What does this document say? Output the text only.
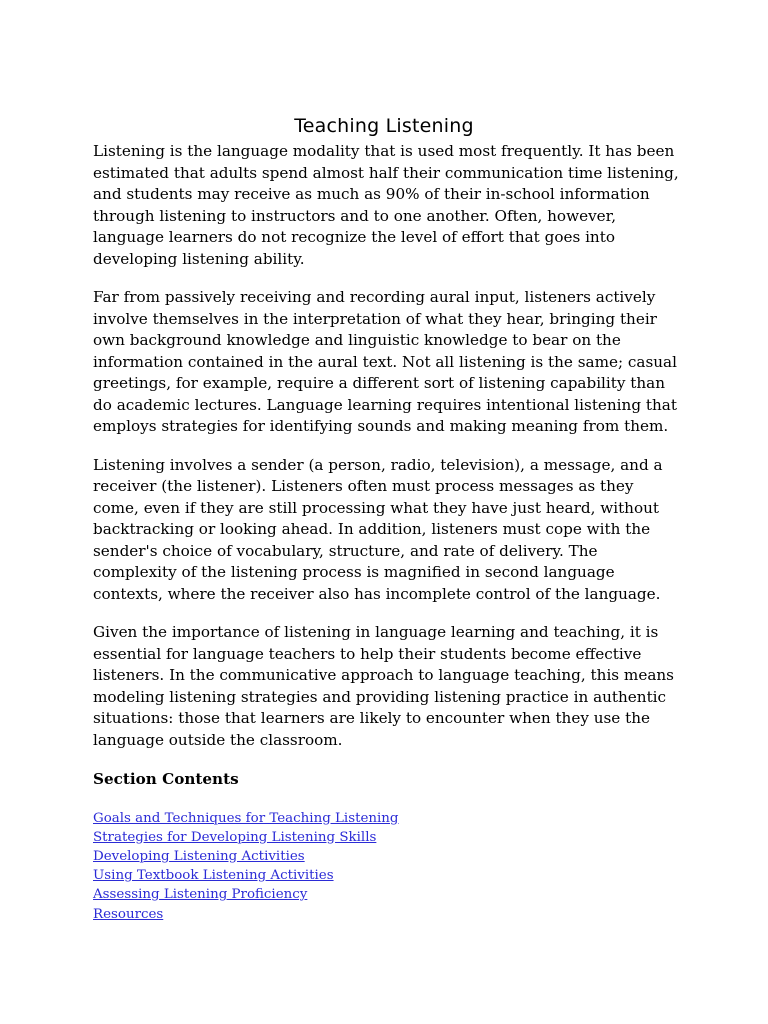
Teaching Listening

Listening is the language modality that is used most frequently. It has been estimated that adults spend almost half their communication time listening, and students may receive as much as 90% of their in-school information through listening to instructors and to one another. Often, however, language learners do not recognize the level of effort that goes into developing listening ability.

Far from passively receiving and recording aural input, listeners actively involve themselves in the interpretation of what they hear, bringing their own background knowledge and linguistic knowledge to bear on the information contained in the aural text. Not all listening is the same; casual greetings, for example, require a different sort of listening capability than do academic lectures. Language learning requires intentional listening that employs strategies for identifying sounds and making meaning from them.

Listening involves a sender (a person, radio, television), a message, and a receiver (the listener). Listeners often must process messages as they come, even if they are still processing what they have just heard, without backtracking or looking ahead. In addition, listeners must cope with the sender's choice of vocabulary, structure, and rate of delivery. The complexity of the listening process is magnified in second language contexts, where the receiver also has incomplete control of the language.

Given the importance of listening in language learning and teaching, it is essential for language teachers to help their students become effective listeners. In the communicative approach to language teaching, this means modeling listening strategies and providing listening practice in authentic situations: those that learners are likely to encounter when they use the language outside the classroom.

Section Contents
Goals and Techniques for Teaching Listening
Strategies for Developing Listening Skills
Developing Listening Activities
Using Textbook Listening Activities
Assessing Listening Proficiency
Resources
